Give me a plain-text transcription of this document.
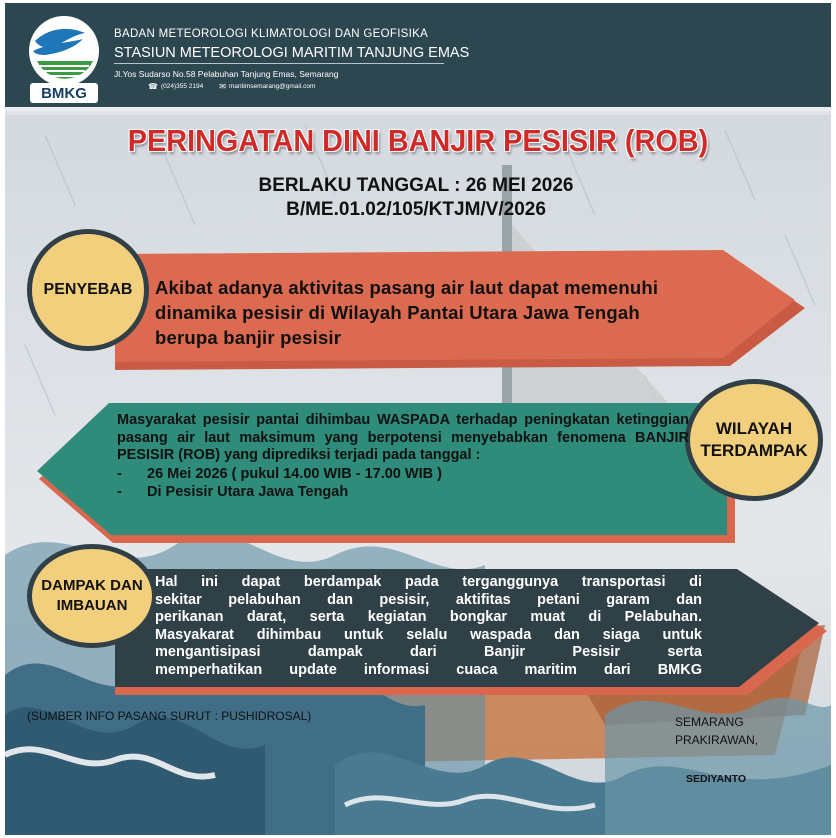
BMKG
BADAN METEOROLOGI KLIMATOLOGI DAN GEOFISIKA
STASIUN METEOROLOGI MARITIM TANJUNG EMAS
Jl.Yos Sudarso No.58 Pelabuhan Tanjung Emas, Semarang
☎ (024)355 2194 ✉ maritimsemarang@gmail.com
PERINGATAN DINI BANJIR PESISIR (ROB)
BERLAKU TANGGAL : 26 MEI 2026
B/ME.01.02/105/KTJM/V/2026
PENYEBAB Akibat adanya aktivitas pasang air laut dapat memenuhi dinamika pesisir di Wilayah Pantai Utara Jawa Tengah berupa banjir pesisir
WILAYAH
TERDAMPAK
Masyarakat pesisir pantai dihimbau WASPADA terhadap peningkatan ketinggian pasang air laut maksimum yang berpotensi menyebabkan fenomena BANJIR PESISIR (ROB) yang diprediksi terjadi pada tanggal :
-	26 Mei 2026 ( pukul 14.00 WIB - 17.00 WIB )
-	Di Pesisir Utara Jawa Tengah
DAMPAK DAN
IMBAUAN
Hal ini dapat berdampak pada terganggunya transportasi di
sekitar pelabuhan dan pesisir, aktifitas petani garam dan
perikanan darat, serta kegiatan bongkar muat di Pelabuhan.
Masyakarat dihimbau untuk selalu waspada dan siaga untuk
mengantisipasi dampak dari Banjir Pesisir serta
memperhatikan update informasi cuaca maritim dari BMKG
(SUMBER INFO PASANG SURUT : PUSHIDROSAL)	SEMARANG
PRAKIRAWAN,
SEDIYANTO
